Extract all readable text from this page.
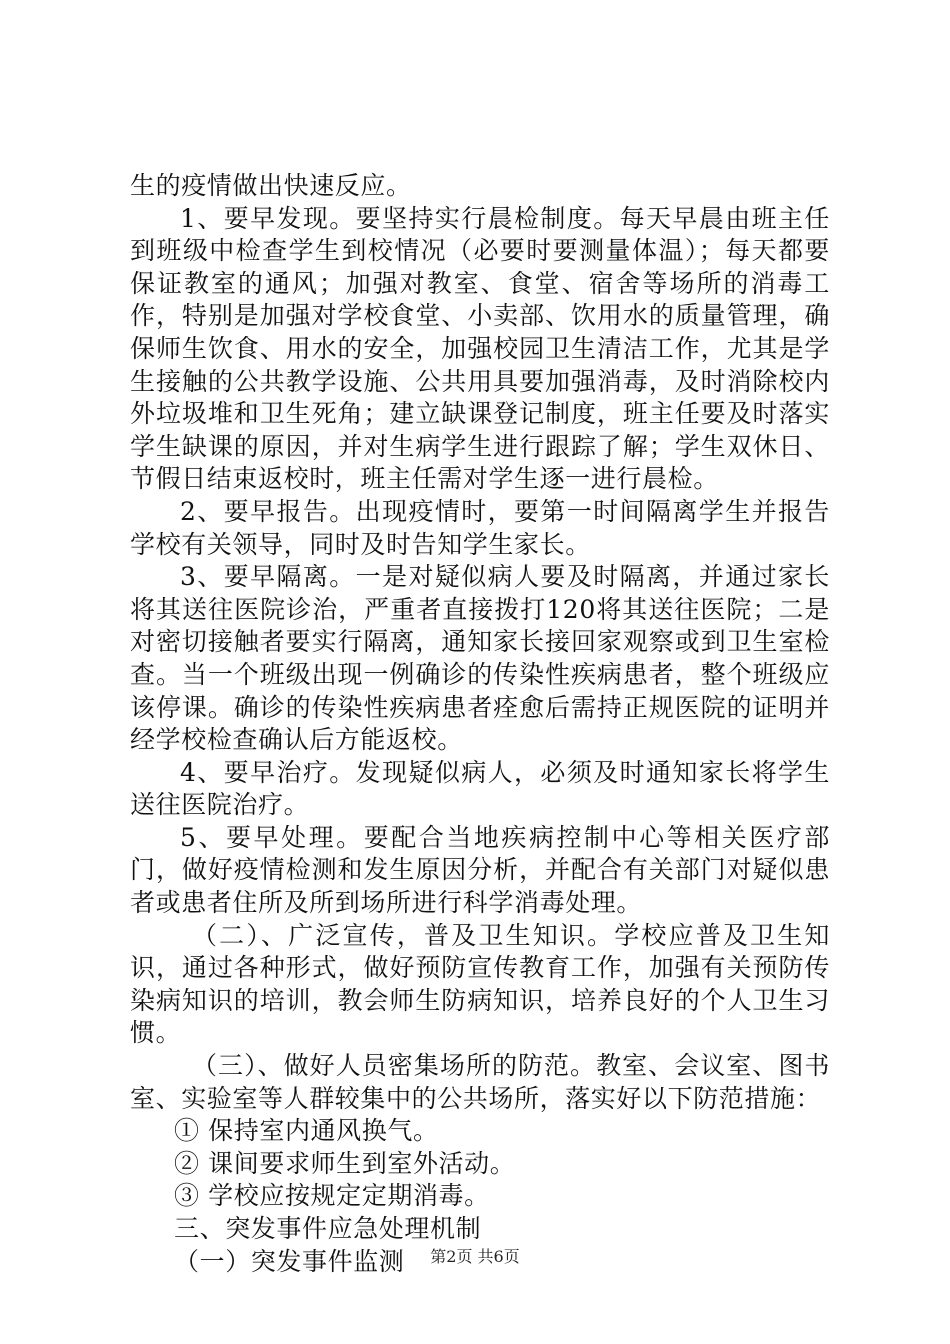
生的疫情做出快速反应。

1、要早发现。要坚持实行晨检制度。每天早晨由班主任到班级中检查学生到校情况（必要时要测量体温）；每天都要保证教室的通风；加强对教室、食堂、宿舍等场所的消毒工作，特别是加强对学校食堂、小卖部、饮用水的质量管理，确保师生饮食、用水的安全，加强校园卫生清洁工作，尤其是学生接触的公共教学设施、公共用具要加强消毒，及时消除校内外垃圾堆和卫生死角；建立缺课登记制度，班主任要及时落实学生缺课的原因，并对生病学生进行跟踪了解；学生双休日、节假日结束返校时，班主任需对学生逐一进行晨检。

2、要早报告。出现疫情时，要第一时间隔离学生并报告学校有关领导，同时及时告知学生家长。

3、要早隔离。一是对疑似病人要及时隔离，并通过家长将其送往医院诊治，严重者直接拨打120将其送往医院；二是对密切接触者要实行隔离，通知家长接回家观察或到卫生室检查。当一个班级出现一例确诊的传染性疾病患者，整个班级应该停课。确诊的传染性疾病患者痊愈后需持正规医院的证明并经学校检查确认后方能返校。

4、要早治疗。发现疑似病人，必须及时通知家长将学生送往医院治疗。

5、要早处理。要配合当地疾病控制中心等相关医疗部门，做好疫情检测和发生原因分析，并配合有关部门对疑似患者或患者住所及所到场所进行科学消毒处理。

（二）、广泛宣传，普及卫生知识。学校应普及卫生知识，通过各种形式，做好预防宣传教育工作，加强有关预防传染病知识的培训，教会师生防病知识，培养良好的个人卫生习惯。

（三）、做好人员密集场所的防范。教室、会议室、图书室、实验室等人群较集中的公共场所，落实好以下防范措施：

① 保持室内通风换气。

② 课间要求师生到室外活动。

③ 学校应按规定定期消毒。

三、突发事件应急处理机制

（一）突发事件监测	第2页 共6页
